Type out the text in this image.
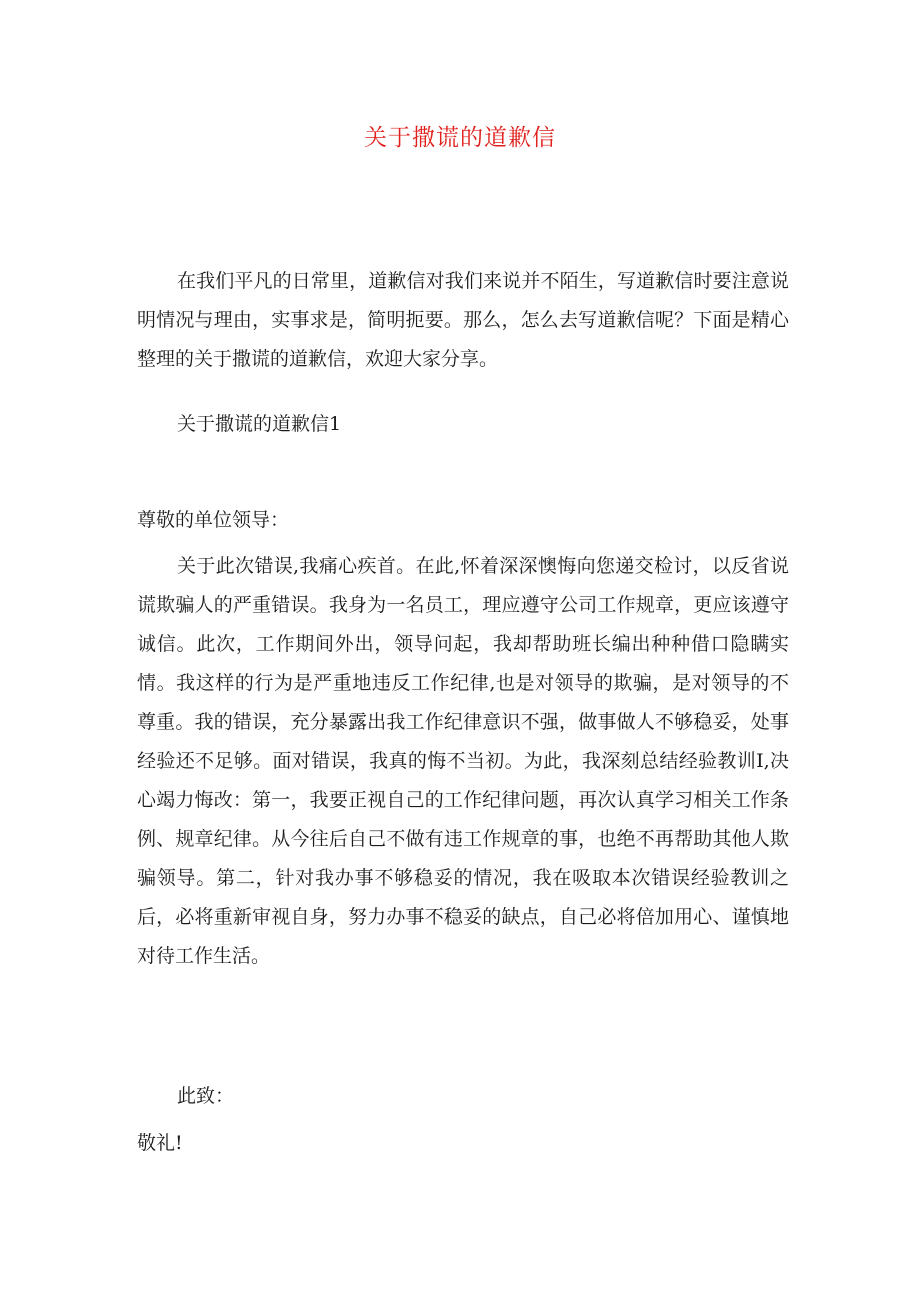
关于撒谎的道歉信

在我们平凡的日常里，道歉信对我们来说并不陌生，写道歉信时要注意说明情况与理由，实事求是，简明扼要。那么，怎么去写道歉信呢？下面是精心整理的关于撒谎的道歉信，欢迎大家分享。

关于撒谎的道歉信1

尊敬的单位领导：

关于此次错误,我痛心疾首。在此,怀着深深懊悔向您递交检讨，以反省说谎欺骗人的严重错误。我身为一名员工，理应遵守公司工作规章，更应该遵守诚信。此次，工作期间外出，领导问起，我却帮助班长编出种种借口隐瞒实情。我这样的行为是严重地违反工作纪律,也是对领导的欺骗，是对领导的不尊重。我的错误，充分暴露出我工作纪律意识不强，做事做人不够稳妥，处事经验还不足够。面对错误，我真的悔不当初。为此，我深刻总结经验教训I,决心竭力悔改：第一，我要正视自己的工作纪律问题，再次认真学习相关工作条例、规章纪律。从今往后自己不做有违工作规章的事，也绝不再帮助其他人欺骗领导。第二，针对我办事不够稳妥的情况，我在吸取本次错误经验教训之后，必将重新审视自身，努力办事不稳妥的缺点，自己必将倍加用心、谨慎地对待工作生活。

此致：

敬礼!
